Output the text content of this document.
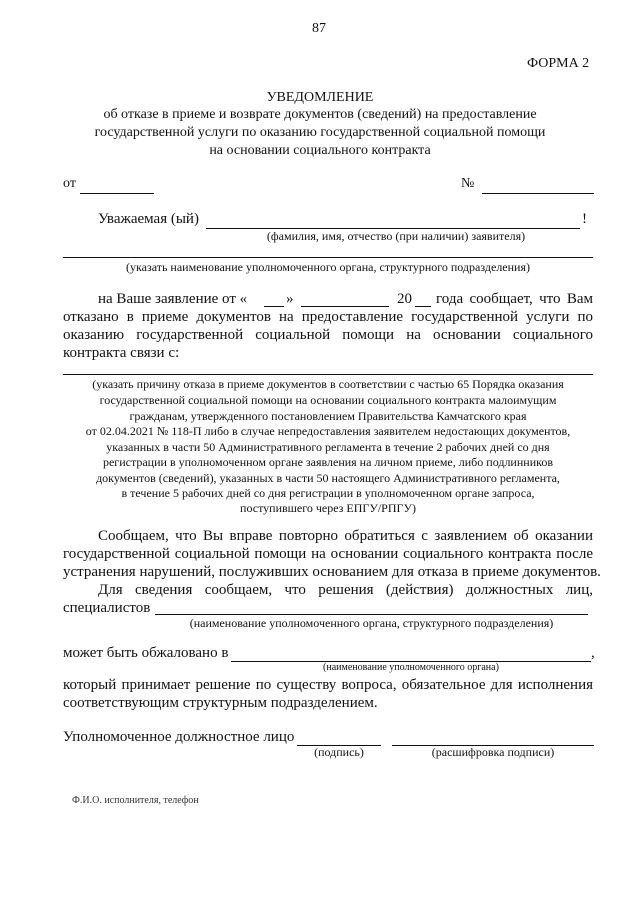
87
ФОРМА 2
УВЕДОМЛЕНИЕ
об отказе в приеме и возврате документов (сведений) на предоставление
государственной услуги по оказанию государственной социальной помощи
на основании социального контракта
от	№
Уважаемая (ый)	!
(фамилия, имя, отчество (при наличии) заявителя)
(указать наименование уполномоченного органа, структурного подразделения)
на Ваше заявление от «	»	20 года сообщает, что Вам
отказано в приеме документов на предоставление государственной услуги по
оказанию государственной социальной помощи на основании социального
контракта связи с:
(указать причину отказа в приеме документов в соответствии с частью 65 Порядка оказания
государственной социальной помощи на основании социального контракта малоимущим
гражданам, утвержденного постановлением Правительства Камчатского края
от 02.04.2021 № 118-П либо в случае непредоставления заявителем недостающих документов,
указанных в части 50 Административного регламента в течение 2 рабочих дней со дня
регистрации в уполномоченном органе заявления на личном приеме, либо подлинников
документов (сведений), указанных в части 50 настоящего Административного регламента,
в течение 5 рабочих дней со дня регистрации в уполномоченном органе запроса,
поступившего через ЕПГУ/РПГУ)
Сообщаем, что Вы вправе повторно обратиться с заявлением об оказании
государственной социальной помощи на основании социального контракта после
устранения нарушений, послуживших основанием для отказа в приеме документов.
Для сведения сообщаем, что решения (действия) должностных лиц,
специалистов
(наименование уполномоченного органа, структурного подразделения)
может быть обжаловано в	,
(наименование уполномоченного органа)
который принимает решение по существу вопроса, обязательное для исполнения
соответствующим структурным подразделением.
Уполномоченное должностное лицо
(подпись)	(расшифровка подписи)
Ф.И.О. исполнителя, телефон
